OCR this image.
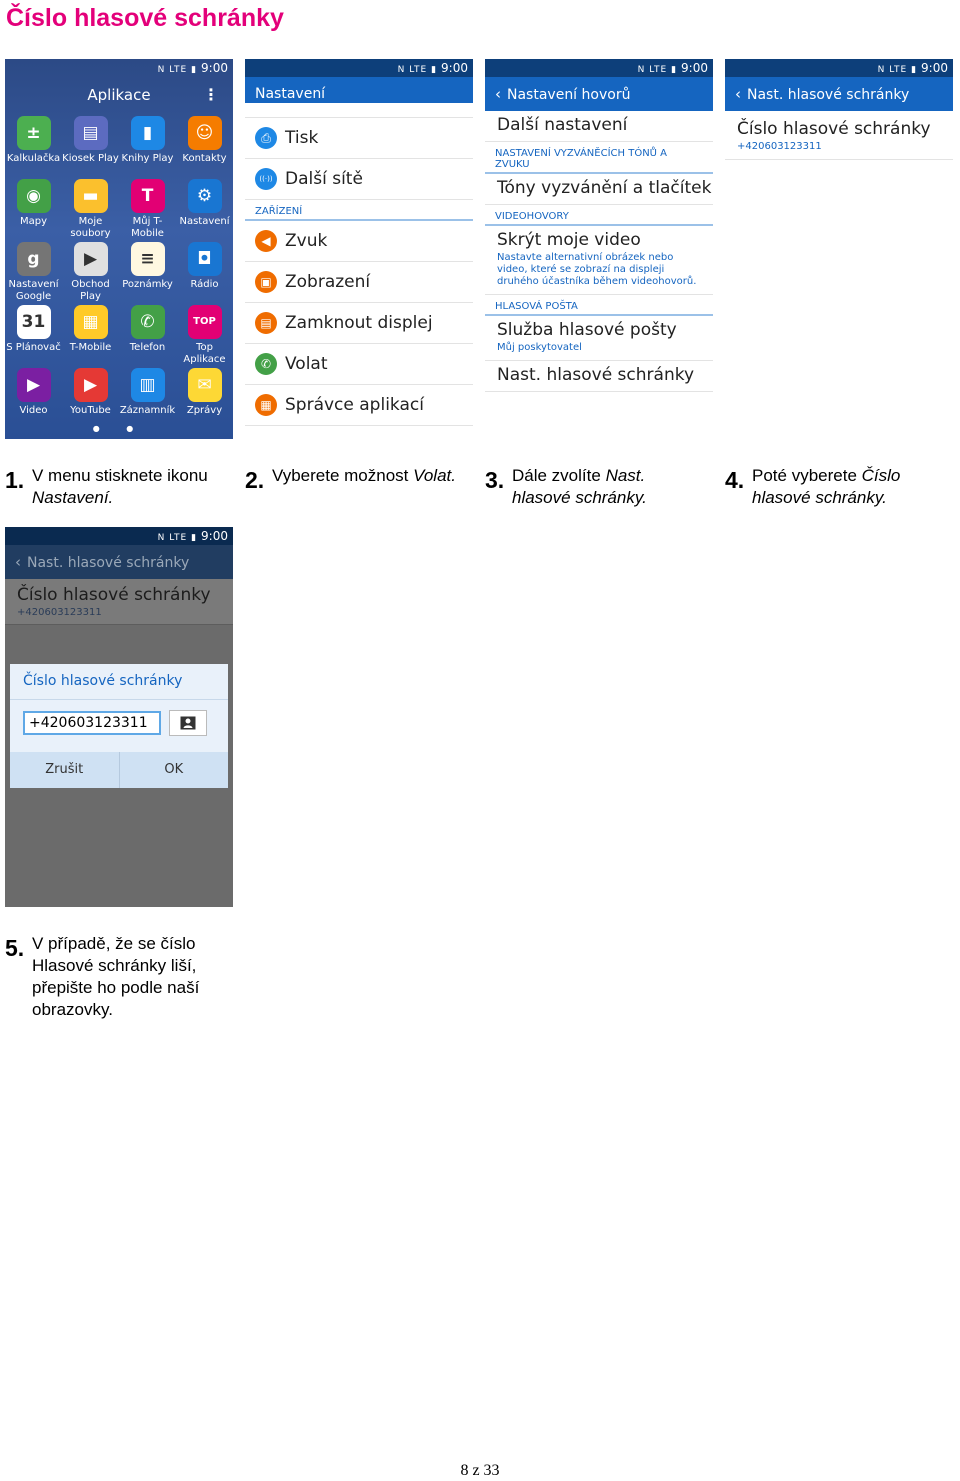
Číslo hlasové schránky
N LTE ▮ 9:00
Aplikace	⋮
±
Kalkulačka
▤
Kiosek Play
▮
Knihy Play
☺
Kontakty
◉
Mapy
▬
Moje soubory
T
Můj T-Mobile
⚙
Nastavení
g
Nastavení Google
▶
Obchod Play
≡
Poznámky
◘
Rádio
31
S Plánovač
▦
T-Mobile
✆
Telefon
TOP
Top Aplikace
▶
Video
▶
YouTube
▥
Záznamník
✉
Zprávy
● ●
N LTE ▮ 9:00
Nastavení
⎙ Tisk
((·)) Další sítě
ZAŘÍZENÍ
◀ Zvuk
▣ Zobrazení
▤ Zamknout displej
✆ Volat
▦ Správce aplikací
N LTE ▮ 9:00
‹ Nastavení hovorů
Další nastavení
NASTAVENÍ VYZVÁNĚCÍCH TÓNŮ A ZVUKU
Tóny vyzvánění a tlačítek
VIDEOHOVORY
Skrýt moje video
Nastavte alternativní obrázek nebo video, které se zobrazí na displeji druhého účastníka během videohovorů.
HLASOVÁ POŠTA
Služba hlasové pošty
Můj poskytovatel
Nast. hlasové schránky
N LTE ▮ 9:00
‹ Nast. hlasové schránky
Číslo hlasové schránky
+420603123311
N LTE ▮ 9:00
‹ Nast. hlasové schránky
Číslo hlasové schránky
+420603123311
Číslo hlasové schránky
+420603123311
Zrušit	OK
1. V menu stisknete ikonu
Nastavení.
2. Vyberete možnost Volat. 3. Dále zvolíte Nast. hlasové schránky.
4. Poté vyberete Číslo hlasové schránky.
5. V případě, že se číslo Hlasové schránky liší, přepište ho podle naší obrazovky.
8 z 33
